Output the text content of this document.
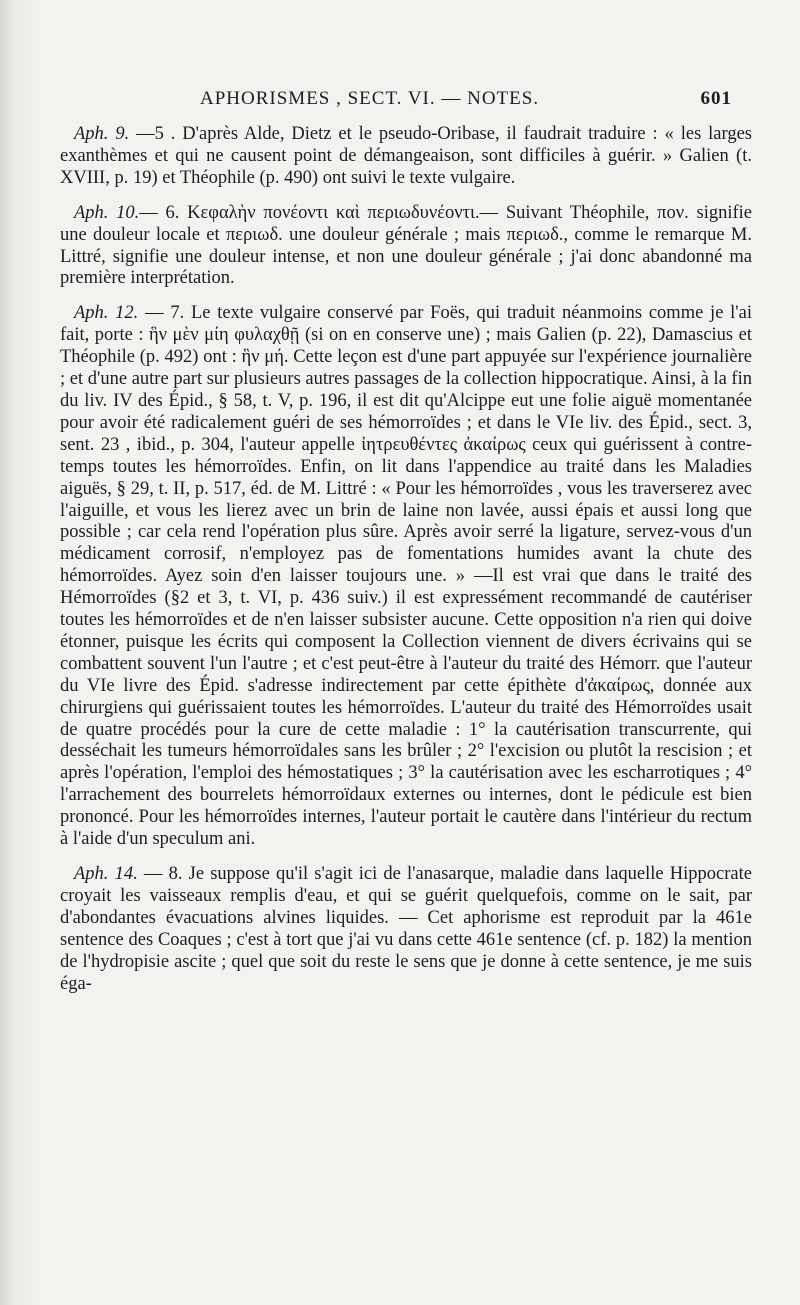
APHORISMES , SECT. VI. — NOTES.	601

Aph. 9. —5 . D'après Alde, Dietz et le pseudo-Oribase, il faudrait traduire : « les larges exanthèmes et qui ne causent point de démangeaison, sont difficiles à guérir. » Galien (t. XVIII, p. 19) et Théophile (p. 490) ont suivi le texte vulgaire.

Aph. 10.— 6. Κεφαλὴν πονέοντι καὶ περιωδυνέοντι.— Suivant Théophile, πον. signifie une douleur locale et περιωδ. une douleur générale ; mais περιωδ., comme le remarque M. Littré, signifie une douleur intense, et non une douleur générale ; j'ai donc abandonné ma première interprétation.

Aph. 12. — 7. Le texte vulgaire conservé par Foës, qui traduit néanmoins comme je l'ai fait, porte : ἣν μὲν μίη φυλαχθῇ (si on en conserve une) ; mais Galien (p. 22), Damascius et Théophile (p. 492) ont : ἣν μή. Cette leçon est d'une part appuyée sur l'expérience journalière ; et d'une autre part sur plusieurs autres passages de la collection hippocratique. Ainsi, à la fin du liv. IV des Épid., § 58, t. V, p. 196, il est dit qu'Alcippe eut une folie aiguë momentanée pour avoir été radicalement guéri de ses hémorroïdes ; et dans le VIe liv. des Épid., sect. 3, sent. 23 , ibid., p. 304, l'auteur appelle ἰητρευθέντες ἀκαίρως ceux qui guérissent à contre-temps toutes les hémorroïdes. Enfin, on lit dans l'appendice au traité dans les Maladies aiguës, § 29, t. II, p. 517, éd. de M. Littré : « Pour les hémorroïdes , vous les traverserez avec l'aiguille, et vous les lierez avec un brin de laine non lavée, aussi épais et aussi long que possible ; car cela rend l'opération plus sûre. Après avoir serré la ligature, servez-vous d'un médicament corrosif, n'employez pas de fomentations humides avant la chute des hémorroïdes. Ayez soin d'en laisser toujours une. » —Il est vrai que dans le traité des Hémorroïdes (§2 et 3, t. VI, p. 436 suiv.) il est expressément recommandé de cautériser toutes les hémorroïdes et de n'en laisser subsister aucune. Cette opposition n'a rien qui doive étonner, puisque les écrits qui composent la Collection viennent de divers écrivains qui se combattent souvent l'un l'autre ; et c'est peut-être à l'auteur du traité des Hémorr. que l'auteur du VIe livre des Épid. s'adresse indirectement par cette épithète d'ἀκαίρως, donnée aux chirurgiens qui guérissaient toutes les hémorroïdes. L'auteur du traité des Hémorroïdes usait de quatre procédés pour la cure de cette maladie : 1° la cautérisation transcurrente, qui desséchait les tumeurs hémorroïdales sans les brûler ; 2° l'excision ou plutôt la rescision ; et après l'opération, l'emploi des hémostatiques ; 3° la cautérisation avec les escharrotiques ; 4° l'arrachement des bourrelets hémorroïdaux externes ou internes, dont le pédicule est bien prononcé. Pour les hémorroïdes internes, l'auteur portait le cautère dans l'intérieur du rectum à l'aide d'un speculum ani.

Aph. 14. — 8. Je suppose qu'il s'agit ici de l'anasarque, maladie dans laquelle Hippocrate croyait les vaisseaux remplis d'eau, et qui se guérit quelquefois, comme on le sait, par d'abondantes évacuations alvines liquides. — Cet aphorisme est reproduit par la 461e sentence des Coaques ; c'est à tort que j'ai vu dans cette 461e sentence (cf. p. 182) la mention de l'hydropisie ascite ; quel que soit du reste le sens que je donne à cette sentence, je me suis éga-
